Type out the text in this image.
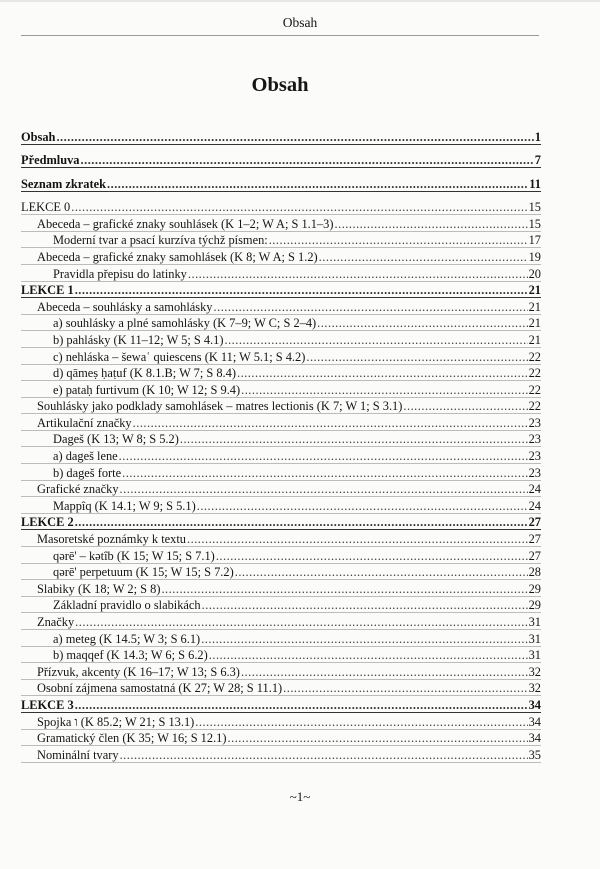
Obsah
Obsah
Obsah .....	1
Předmluva .....	7
Seznam zkratek .....	11
LEKCE 0 .....	15
Abeceda – grafické znaky souhlásek (K 1–2; W A; S 1.1–3) .....	15
Moderní tvar a psací kurzíva týchž písmen: .....	17
Abeceda – grafické znaky samohlásek (K 8; W A; S 1.2) .....	19
Pravidla přepisu do latinky .....	20
LEKCE 1 .....	21
Abeceda – souhlásky a samohlásky .....	21
a) souhlásky a plné samohlásky (K 7–9; W C; S 2–4) .....	21
b) pahlásky (K 11–12; W 5; S 4.1) .....	21
c) nehláska – šewaʿ quiescens (K 11; W 5.1; S 4.2) .....	22
d) qāmeṣ ḥaṭuf (K 8.1.B; W 7; S 8.4) .....	22
e) pataḥ furtivum (K 10; W 12; S 9.4) .....	22
Souhlásky jako podklady samohlásek – matres lectionis (K 7; W 1; S 3.1) .....	22
Artikulační značky .....	23
Dageš (K 13; W 8; S 5.2) .....	23
a) dageš lene .....	23
b) dageš forte .....	23
Grafické značky .....	24
Mappîq (K 14.1; W 9; S 5.1) .....	24
LEKCE 2 .....	27
Masoretské poznámky k textu .....	27
qərē' – kətîb (K 15; W 15; S 7.1) .....	27
qərē' perpetuum (K 15; W 15; S 7.2) .....	28
Slabiky (K 18; W 2; S 8) .....	29
Základní pravidlo o slabikách .....	29
Značky .....	31
a) meteg (K 14.5; W 3; S 6.1) .....	31
b) maqqef (K 14.3; W 6; S 6.2) .....	31
Přízvuk, akcenty (K 16–17; W 13; S 6.3) .....	32
Osobní zájmena samostatná (K 27; W 28; S 11.1) .....	32
LEKCE 3 .....	34
Spojka ו (K 85.2; W 21; S 13.1) .....	34
Gramatický člen (K 35; W 16; S 12.1) .....	34
Nominální tvary .....	35
~1~
